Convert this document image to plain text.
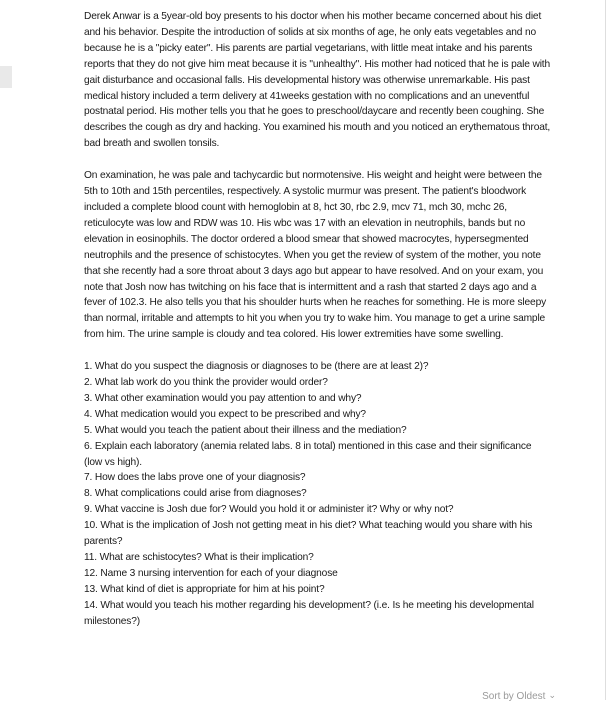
Derek Anwar is a 5year-old boy presents to his doctor when his mother became concerned about his diet and his behavior. Despite the introduction of solids at six months of age, he only eats vegetables and no because he is a "picky eater". His parents are partial vegetarians, with little meat intake and his parents reports that they do not give him meat because it is "unhealthy". His mother had noticed that he is pale with gait disturbance and occasional falls. His developmental history was otherwise unremarkable. His past medical history included a term delivery at 41weeks gestation with no complications and an uneventful postnatal period. His mother tells you that he goes to preschool/daycare and recently been coughing. She describes the cough as dry and hacking. You examined his mouth and you noticed an erythematous throat, bad breath and swollen tonsils.

On examination, he was pale and tachycardic but normotensive. His weight and height were between the 5th to 10th and 15th percentiles, respectively. A systolic murmur was present. The patient's bloodwork included a complete blood count with hemoglobin at 8, hct 30, rbc 2.9, mcv 71, mch 30, mchc 26, reticulocyte was low and RDW was 10. His wbc was 17 with an elevation in neutrophils, bands but no elevation in eosinophils. The doctor ordered a blood smear that showed macrocytes, hypersegmented neutrophils and the presence of schistocytes. When you get the review of system of the mother, you note that she recently had a sore throat about 3 days ago but appear to have resolved. And on your exam, you note that Josh now has twitching on his face that is intermittent and a rash that started 2 days ago and a fever of 102.3. He also tells you that his shoulder hurts when he reaches for something. He is more sleepy than normal, irritable and attempts to hit you when you try to wake him. You manage to get a urine sample from him. The urine sample is cloudy and tea colored. His lower extremities have some swelling.

1. What do you suspect the diagnosis or diagnoses to be (there are at least 2)?
2. What lab work do you think the provider would order?
3. What other examination would you pay attention to and why?
4. What medication would you expect to be prescribed and why?
5. What would you teach the patient about their illness and the mediation?
6. Explain each laboratory (anemia related labs. 8 in total) mentioned in this case and their significance (low vs high).
7. How does the labs prove one of your diagnosis?
8. What complications could arise from diagnoses?
9. What vaccine is Josh due for? Would you hold it or administer it? Why or why not?
10. What is the implication of Josh not getting meat in his diet? What teaching would you share with his parents?
11. What are schistocytes? What is their implication?
12. Name 3 nursing intervention for each of your diagnose
13. What kind of diet is appropriate for him at his point?
14. What would you teach his mother regarding his development? (i.e. Is he meeting his developmental milestones?)
Sort by Oldest ⌄
